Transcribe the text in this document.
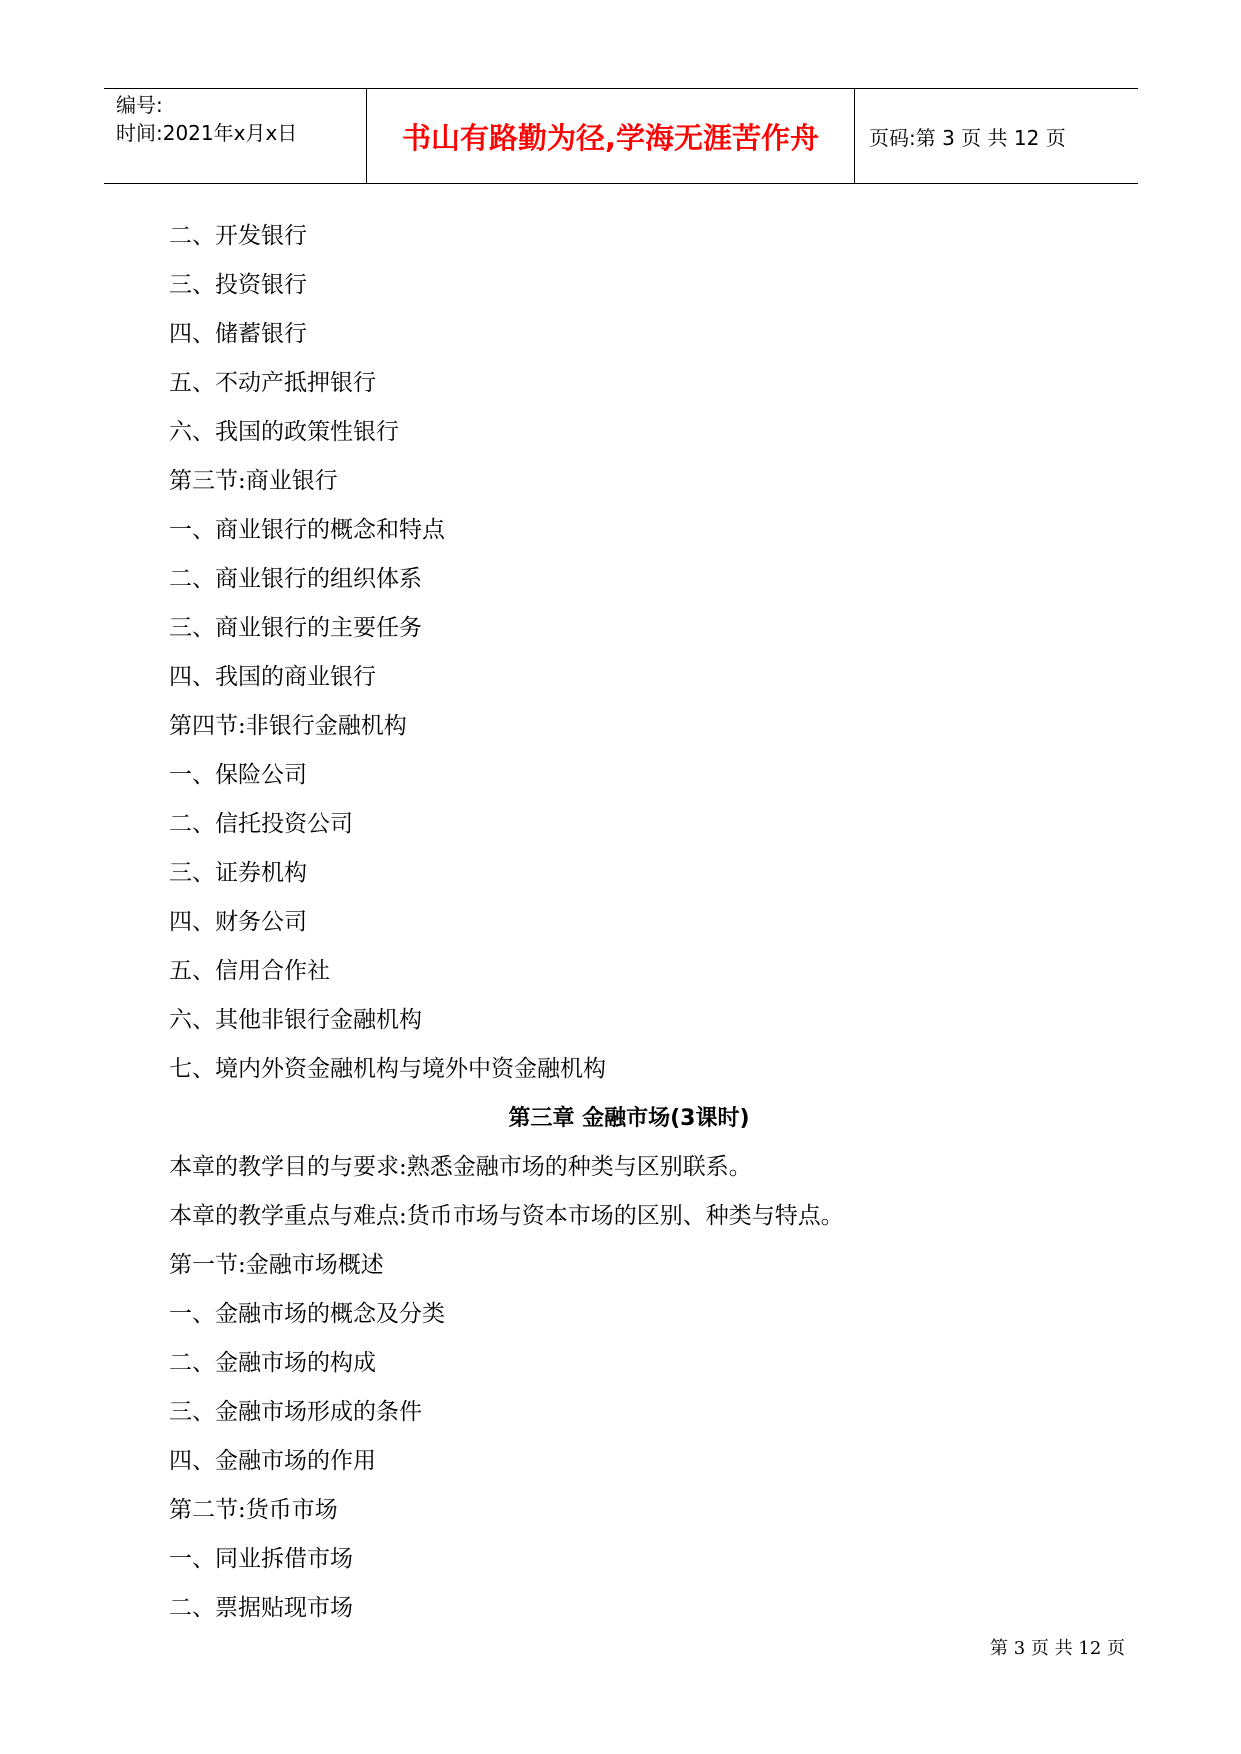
编号:
时间:2021年x月x日	书山有路勤为径,学海无涯苦作舟 页码:第 3 页 共 12 页
二、开发银行
三、投资银行
四、储蓄银行
五、不动产抵押银行
六、我国的政策性银行
第三节:商业银行
一、商业银行的概念和特点
二、商业银行的组织体系
三、商业银行的主要任务
四、我国的商业银行
第四节:非银行金融机构
一、保险公司
二、信托投资公司
三、证券机构
四、财务公司
五、信用合作社
六、其他非银行金融机构
七、境内外资金融机构与境外中资金融机构
第三章 金融市场(3课时)
本章的教学目的与要求:熟悉金融市场的种类与区别联系。
本章的教学重点与难点:货币市场与资本市场的区别、种类与特点。
第一节:金融市场概述
一、金融市场的概念及分类
二、金融市场的构成
三、金融市场形成的条件
四、金融市场的作用
第二节:货币市场
一、同业拆借市场
二、票据贴现市场
第 3 页 共 12 页
